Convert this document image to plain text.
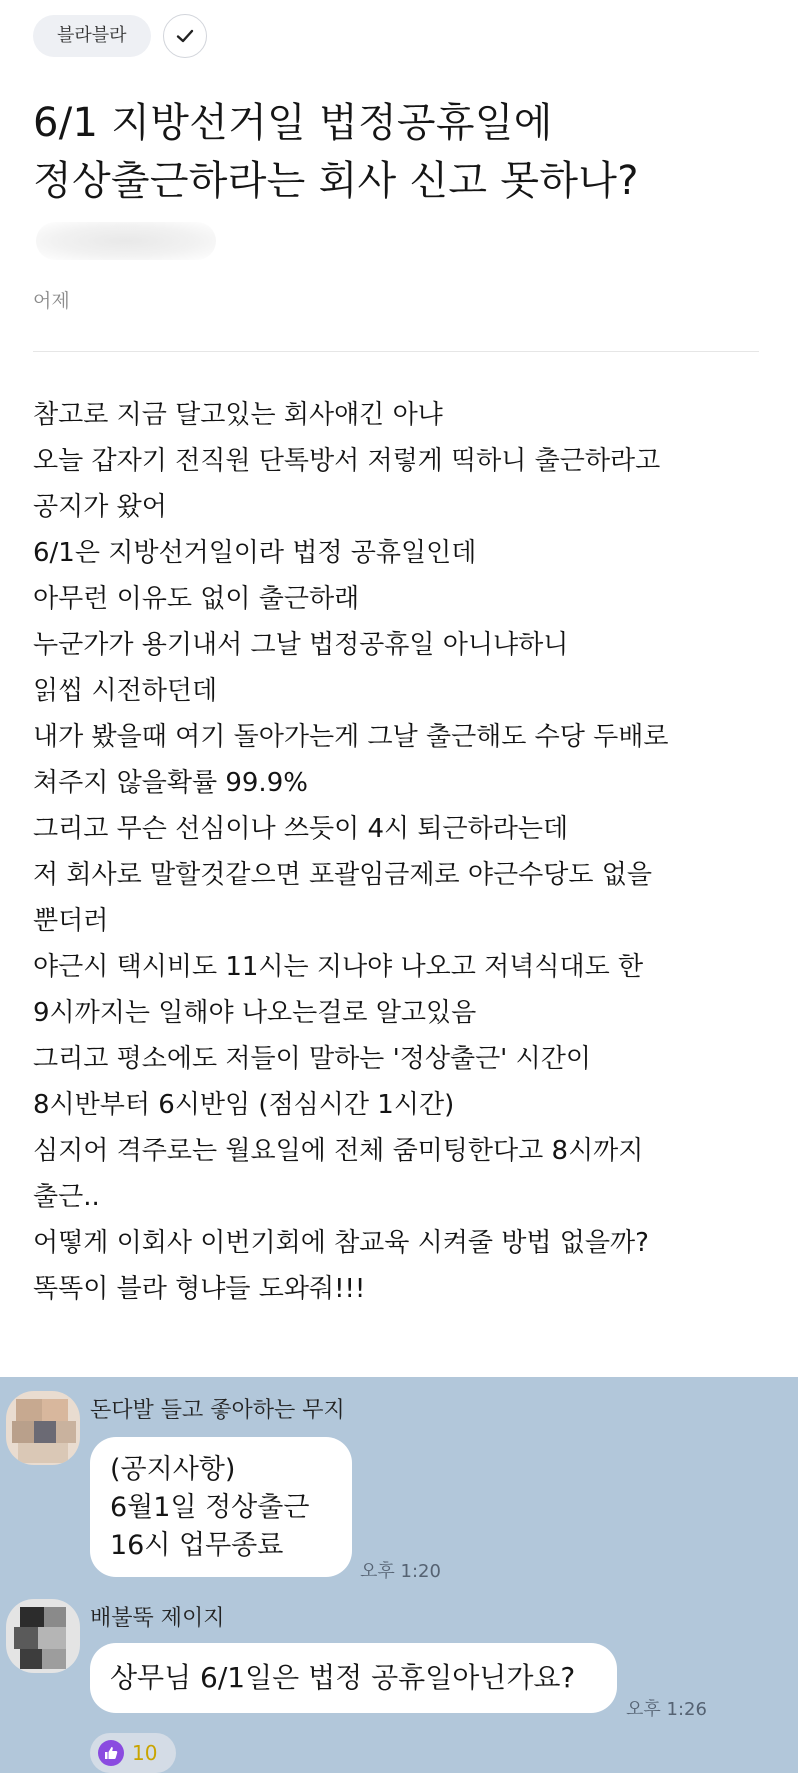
블라블라
6/1 지방선거일 법정공휴일에
정상출근하라는 회사 신고 못하나?
어제
참고로 지금 달고있는 회사얘긴 아냐
오늘 갑자기 전직원 단톡방서 저렇게 띡하니 출근하라고
공지가 왔어
6/1은 지방선거일이라 법정 공휴일인데
아무런 이유도 없이 출근하래
누군가가 용기내서 그날 법정공휴일 아니냐하니
읽씹 시전하던데
내가 봤을때 여기 돌아가는게 그날 출근해도 수당 두배로
쳐주지 않을확률 99.9%
그리고 무슨 선심이나 쓰듯이 4시 퇴근하라는데
저 회사로 말할것같으면 포괄임금제로 야근수당도 없을
뿐더러
야근시 택시비도 11시는 지나야 나오고 저녁식대도 한
9시까지는 일해야 나오는걸로 알고있음
그리고 평소에도 저들이 말하는 '정상출근' 시간이
8시반부터 6시반임 (점심시간 1시간)
심지어 격주로는 월요일에 전체 줌미팅한다고 8시까지
출근..
어떻게 이회사 이번기회에 참교육 시켜줄 방법 없을까?
똑똑이 블라 형냐들 도와줘!!!
돈다발 들고 좋아하는 무지
(공지사항)
6월1일 정상출근
16시 업무종료
오후 1:20
배불뚝 제이지
상무님 6/1일은 법정 공휴일아닌가요?
오후 1:26
10
